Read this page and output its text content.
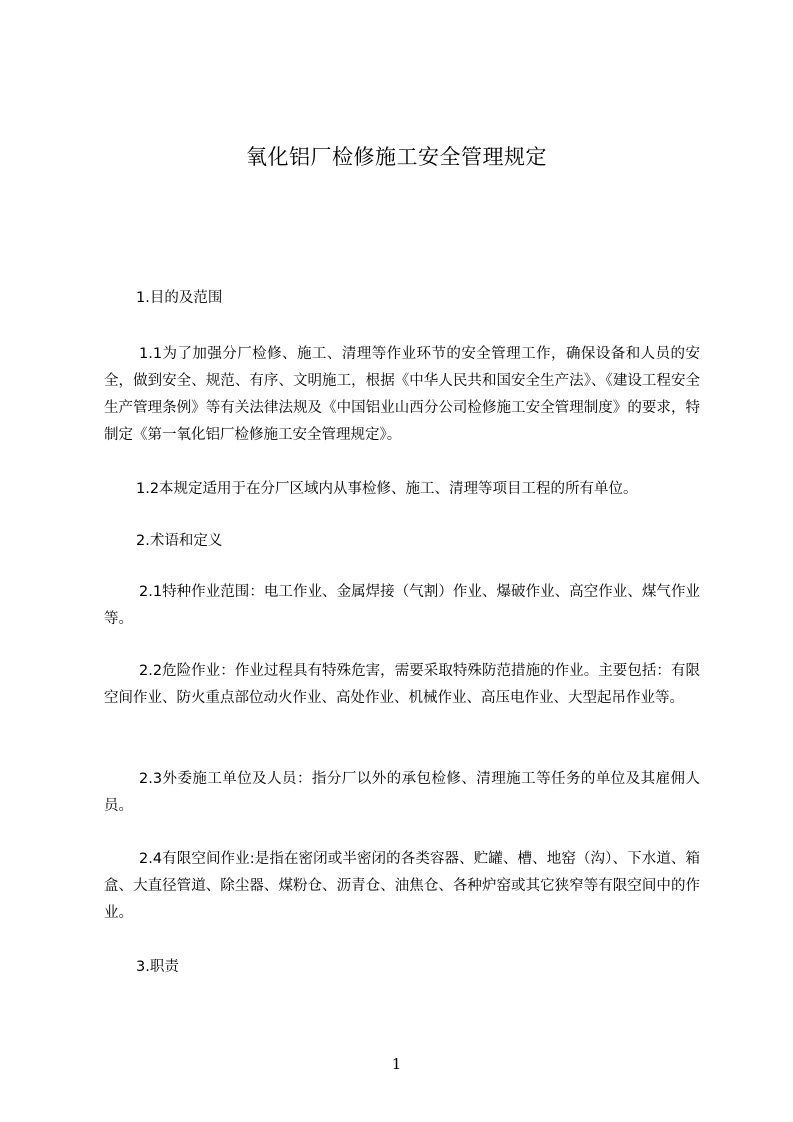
氧化铝厂检修施工安全管理规定
1.目的及范围
1.1为了加强分厂检修、施工、清理等作业环节的安全管理工作，确保设备和人员的安全，做到安全、规范、有序、文明施工，根据《中华人民共和国安全生产法》、《建设工程安全生产管理条例》等有关法律法规及《中国铝业山西分公司检修施工安全管理制度》的要求，特制定《第一氧化铝厂检修施工安全管理规定》。
1.2本规定适用于在分厂区域内从事检修、施工、清理等项目工程的所有单位。
2.术语和定义
2.1特种作业范围：电工作业、金属焊接（气割）作业、爆破作业、高空作业、煤气作业等。
2.2危险作业：作业过程具有特殊危害，需要采取特殊防范措施的作业。主要包括：有限空间作业、防火重点部位动火作业、高处作业、机械作业、高压电作业、大型起吊作业等。
2.3外委施工单位及人员：指分厂以外的承包检修、清理施工等任务的单位及其雇佣人员。
2.4有限空间作业:是指在密闭或半密闭的各类容器、贮罐、槽、地窑（沟）、下水道、箱盒、大直径管道、除尘器、煤粉仓、沥青仓、油焦仓、各种炉窑或其它狭窄等有限空间中的作业。
3.职责
1
